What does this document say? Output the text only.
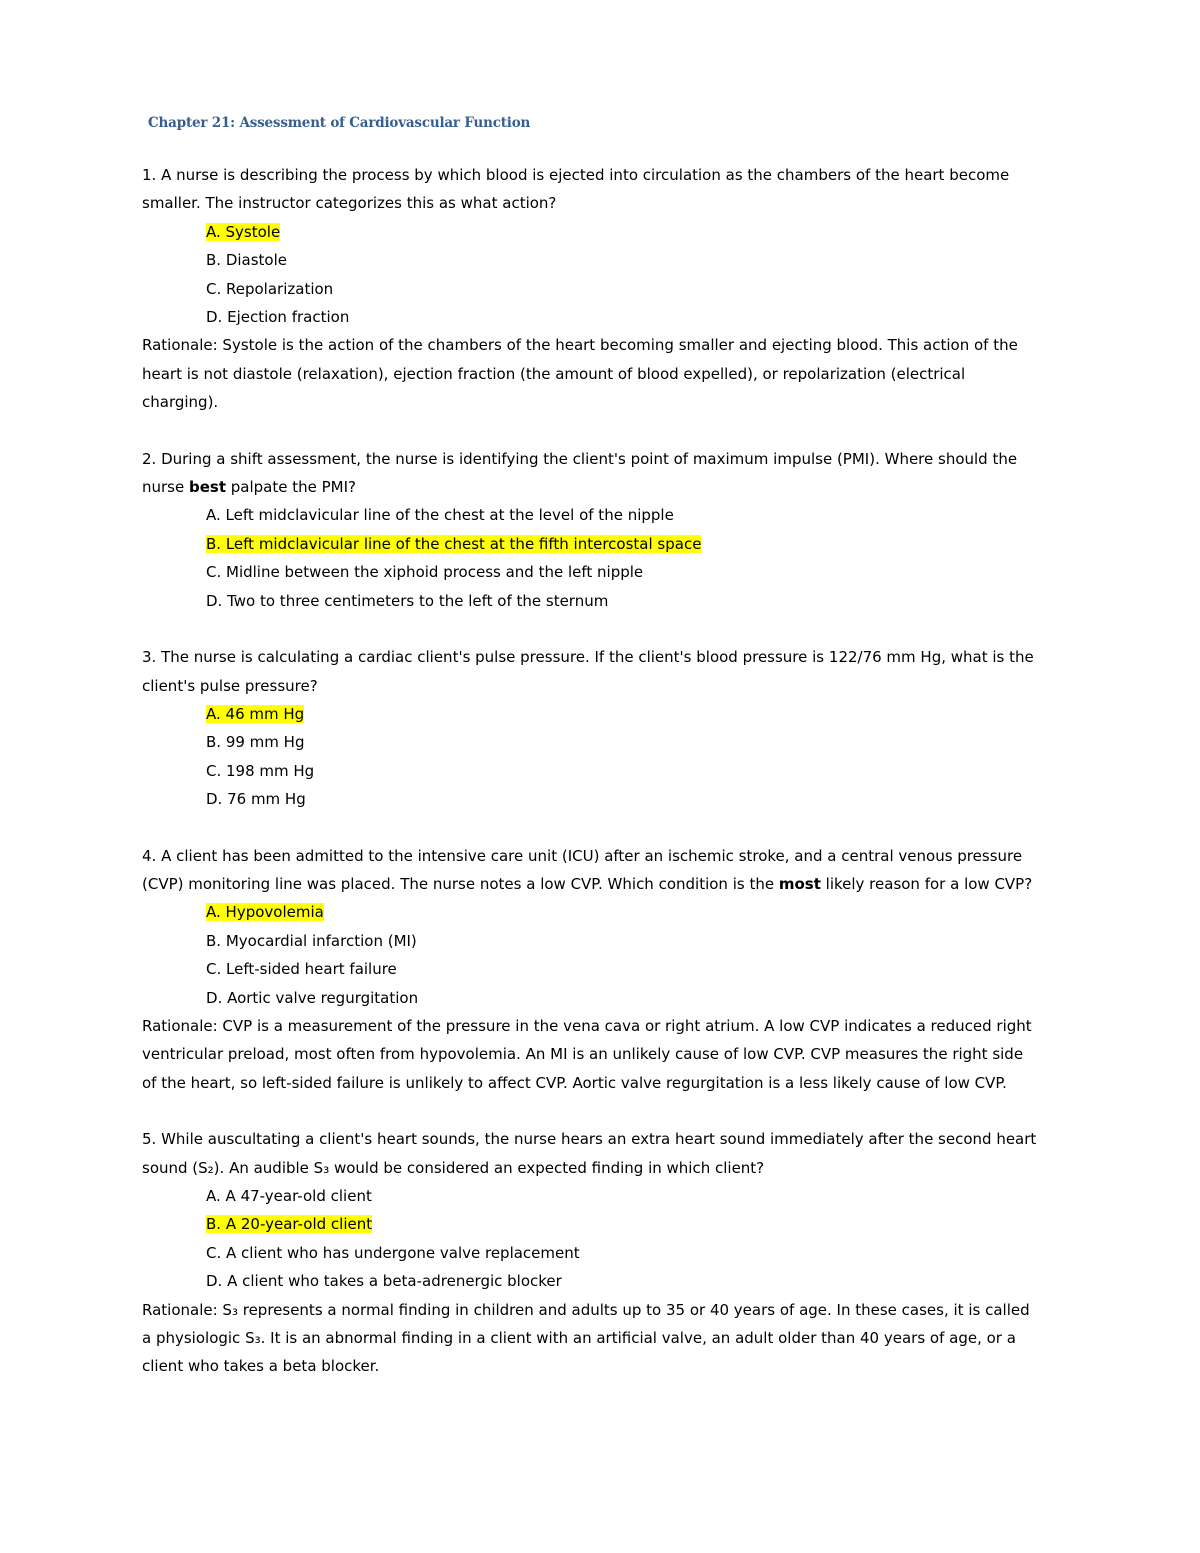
Chapter 21: Assessment of Cardiovascular Function

1. A nurse is describing the process by which blood is ejected into circulation as the chambers of the heart become

smaller. The instructor categorizes this as what action?

A. Systole
B. Diastole
C. Repolarization
D. Ejection fraction

Rationale: Systole is the action of the chambers of the heart becoming smaller and ejecting blood. This action of the

heart is not diastole (relaxation), ejection fraction (the amount of blood expelled), or repolarization (electrical

charging).

2. During a shift assessment, the nurse is identifying the client's point of maximum impulse (PMI). Where should the

nurse best palpate the PMI?

A. Left midclavicular line of the chest at the level of the nipple
B. Left midclavicular line of the chest at the fifth intercostal space
C. Midline between the xiphoid process and the left nipple
D. Two to three centimeters to the left of the sternum

3. The nurse is calculating a cardiac client's pulse pressure. If the client's blood pressure is 122/76 mm Hg, what is the

client's pulse pressure?

A. 46 mm Hg
B. 99 mm Hg
C. 198 mm Hg
D. 76 mm Hg

4. A client has been admitted to the intensive care unit (ICU) after an ischemic stroke, and a central venous pressure

(CVP) monitoring line was placed. The nurse notes a low CVP. Which condition is the most likely reason for a low CVP?

A. Hypovolemia
B. Myocardial infarction (MI)
C. Left-sided heart failure
D. Aortic valve regurgitation

Rationale: CVP is a measurement of the pressure in the vena cava or right atrium. A low CVP indicates a reduced right

ventricular preload, most often from hypovolemia. An MI is an unlikely cause of low CVP. CVP measures the right side

of the heart, so left-sided failure is unlikely to affect CVP. Aortic valve regurgitation is a less likely cause of low CVP.

5. While auscultating a client's heart sounds, the nurse hears an extra heart sound immediately after the second heart

sound (S₂). An audible S₃ would be considered an expected finding in which client?

A. A 47-year-old client
B. A 20-year-old client
C. A client who has undergone valve replacement
D. A client who takes a beta-adrenergic blocker

Rationale: S₃ represents a normal finding in children and adults up to 35 or 40 years of age. In these cases, it is called

a physiologic S₃. It is an abnormal finding in a client with an artificial valve, an adult older than 40 years of age, or a

client who takes a beta blocker.
